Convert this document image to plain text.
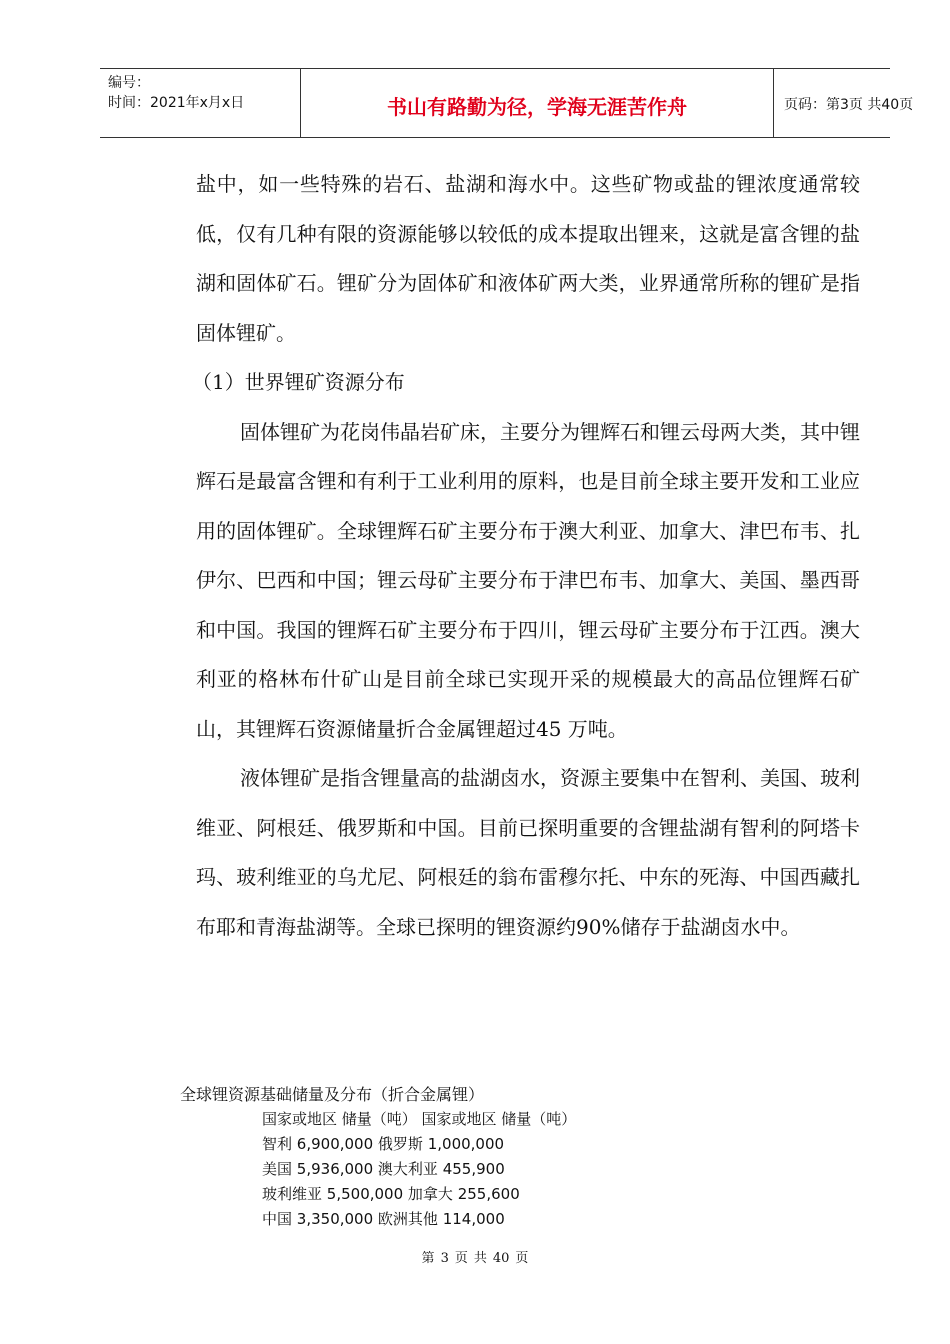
编号：
时间：2021年x月x日	书山有路勤为径，学海无涯苦作舟	页码：第3页 共40页

盐中，如一些特殊的岩石、盐湖和海水中。这些矿物或盐的锂浓度通常较低，仅有几种有限的资源能够以较低的成本提取出锂来，这就是富含锂的盐湖和固体矿石。锂矿分为固体矿和液体矿两大类，业界通常所称的锂矿是指固体锂矿。

（1）世界锂矿资源分布

固体锂矿为花岗伟晶岩矿床，主要分为锂辉石和锂云母两大类，其中锂辉石是最富含锂和有利于工业利用的原料，也是目前全球主要开发和工业应用的固体锂矿。全球锂辉石矿主要分布于澳大利亚、加拿大、津巴布韦、扎伊尔、巴西和中国；锂云母矿主要分布于津巴布韦、加拿大、美国、墨西哥和中国。我国的锂辉石矿主要分布于四川，锂云母矿主要分布于江西。澳大利亚的格林布什矿山是目前全球已实现开采的规模最大的高品位锂辉石矿山，其锂辉石资源储量折合金属锂超过45 万吨。

液体锂矿是指含锂量高的盐湖卤水，资源主要集中在智利、美国、玻利维亚、阿根廷、俄罗斯和中国。目前已探明重要的含锂盐湖有智利的阿塔卡玛、玻利维亚的乌尤尼、阿根廷的翁布雷穆尔托、中东的死海、中国西藏扎布耶和青海盐湖等。全球已探明的锂资源约90%储存于盐湖卤水中。

全球锂资源基础储量及分布（折合金属锂）
国家或地区 储量（吨） 国家或地区 储量（吨）
智利 6,900,000 俄罗斯 1,000,000
美国 5,936,000 澳大利亚 455,900
玻利维亚 5,500,000 加拿大 255,600
中国 3,350,000 欧洲其他 114,000
第 3 页 共 40 页
